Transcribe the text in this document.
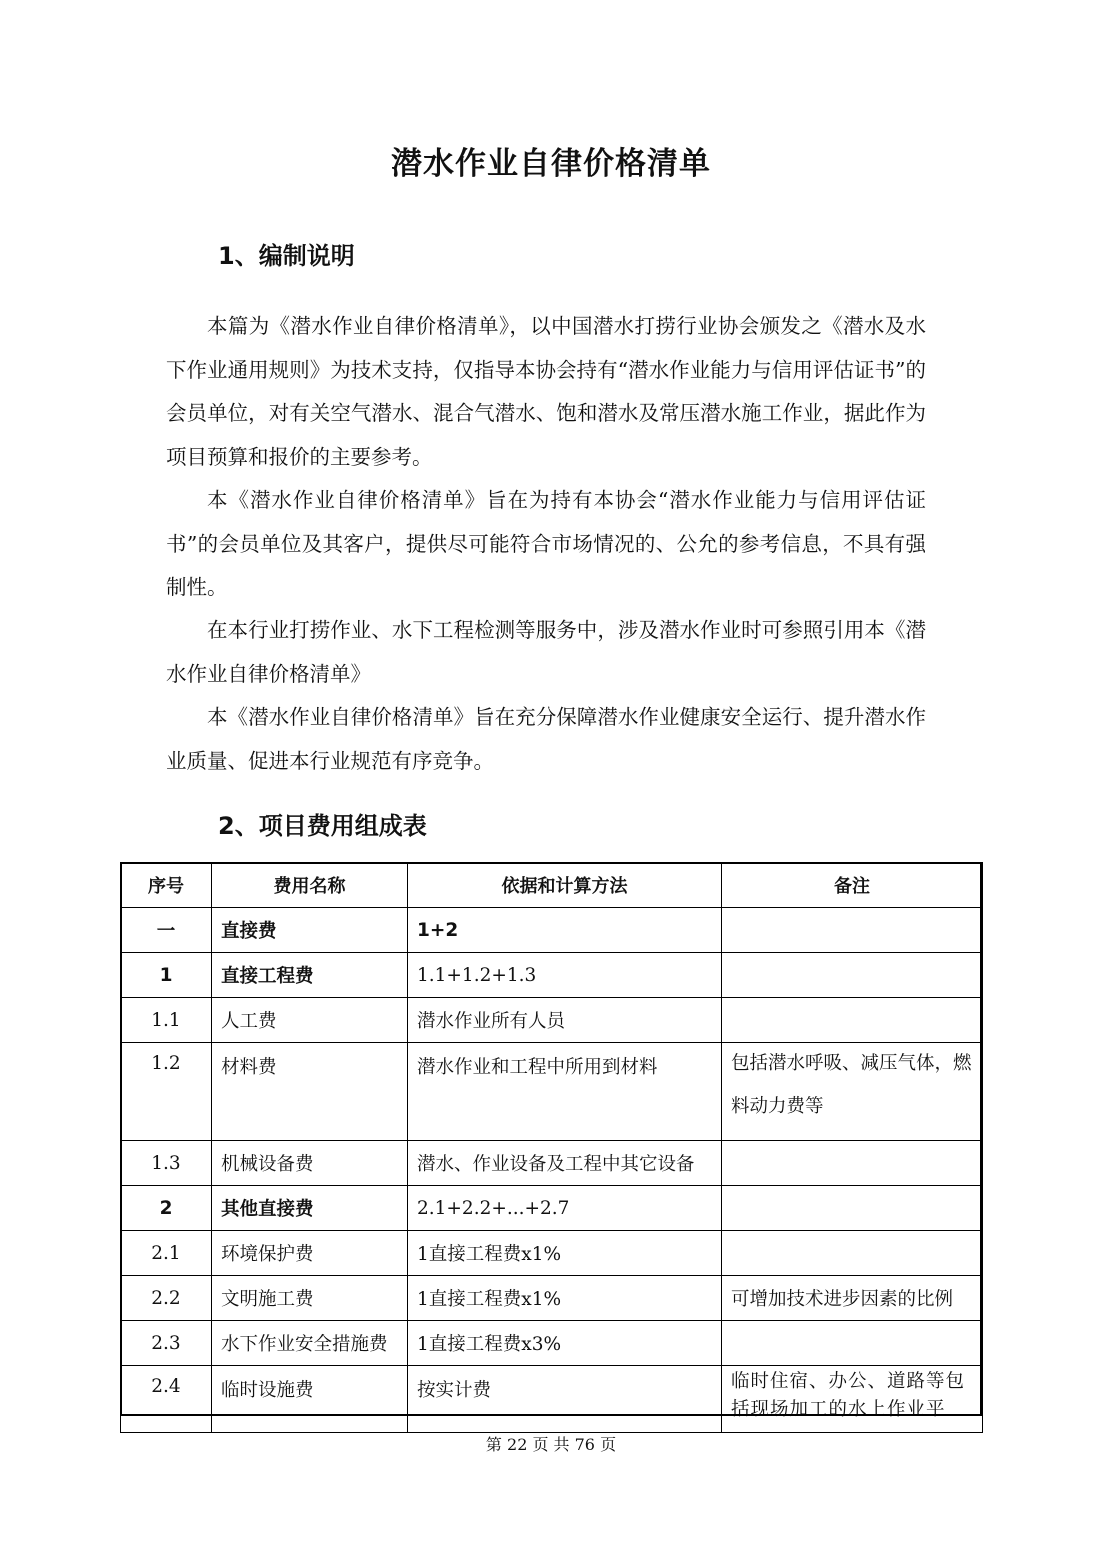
潜水作业自律价格清单
1、编制说明
本篇为《潜水作业自律价格清单》，以中国潜水打捞行业协会颁发之《潜水及水下作业通用规则》为技术支持，仅指导本协会持有“潜水作业能力与信用评估证书”的会员单位，对有关空气潜水、混合气潜水、饱和潜水及常压潜水施工作业，据此作为项目预算和报价的主要参考。
本《潜水作业自律价格清单》旨在为持有本协会“潜水作业能力与信用评估证书”的会员单位及其客户，提供尽可能符合市场情况的、公允的参考信息，不具有强制性。
在本行业打捞作业、水下工程检测等服务中，涉及潜水作业时可参照引用本《潜水作业自律价格清单》
本《潜水作业自律价格清单》旨在充分保障潜水作业健康安全运行、提升潜水作业质量、促进本行业规范有序竞争。
2、项目费用组成表
序号	费用名称	依据和计算方法	备注
一	直接费	1+2	
1	直接工程费	1.1+1.2+1.3	
1.1	人工费	潜水作业所有人员	
1.2	材料费	潜水作业和工程中所用到材料	包括潜水呼吸、减压气体，燃料动力费等

1.3	机械设备费	潜水、作业设备及工程中其它设备	
2	其他直接费	2.1+2.2+...+2.7	
2.1	环境保护费	1直接工程费x1%	
2.2	文明施工费	1直接工程费x1%	可增加技术进步因素的比例
2.3	水下作业安全措施费	1直接工程费x3%	
2.4	临时设施费	按实计费	临时住宿、办公、道路等包括现场加工的水上作业平
第 22 页 共 76 页
